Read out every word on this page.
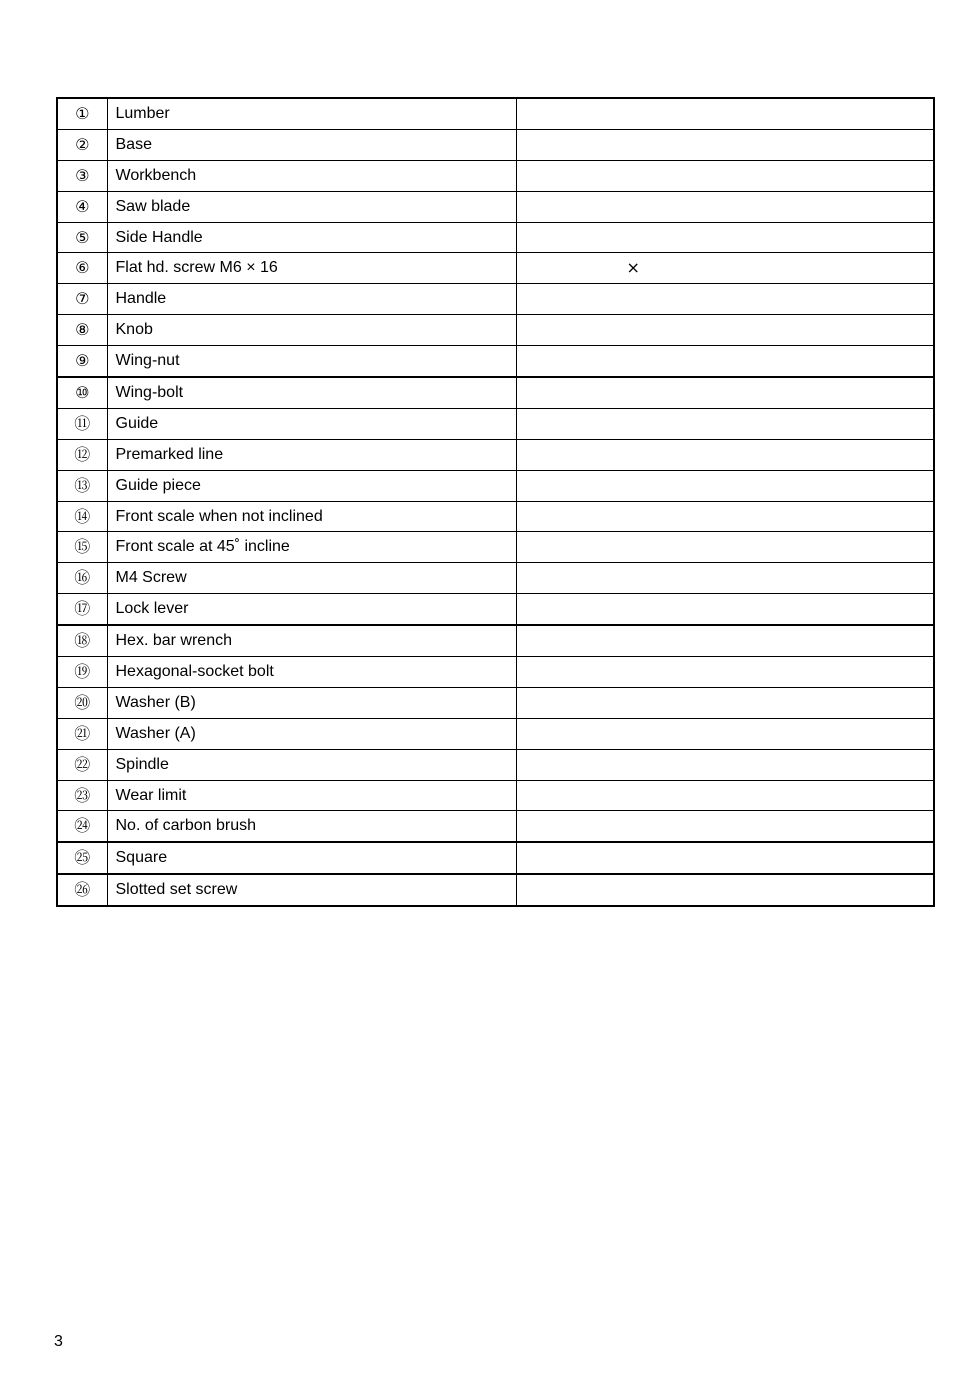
①	Lumber	
②	Base	
③	Workbench	
④	Saw blade	
⑤	Side Handle	
⑥	Flat hd. screw M6 × 16	×
⑦	Handle	
⑧	Knob	
⑨	Wing-nut	
⑩	Wing-bolt	
⑪	Guide	
⑫	Premarked line	
⑬	Guide piece	
⑭	Front scale when not inclined	
⑮	Front scale at 45˚ incline	
⑯	M4 Screw	
⑰	Lock lever	
⑱	Hex. bar wrench	
⑲	Hexagonal-socket bolt	
⑳	Washer (B)	
㉑	Washer (A)	
㉒	Spindle	
㉓	Wear limit	
㉔	No. of carbon brush	
㉕	Square	
㉖	Slotted set screw	
3
